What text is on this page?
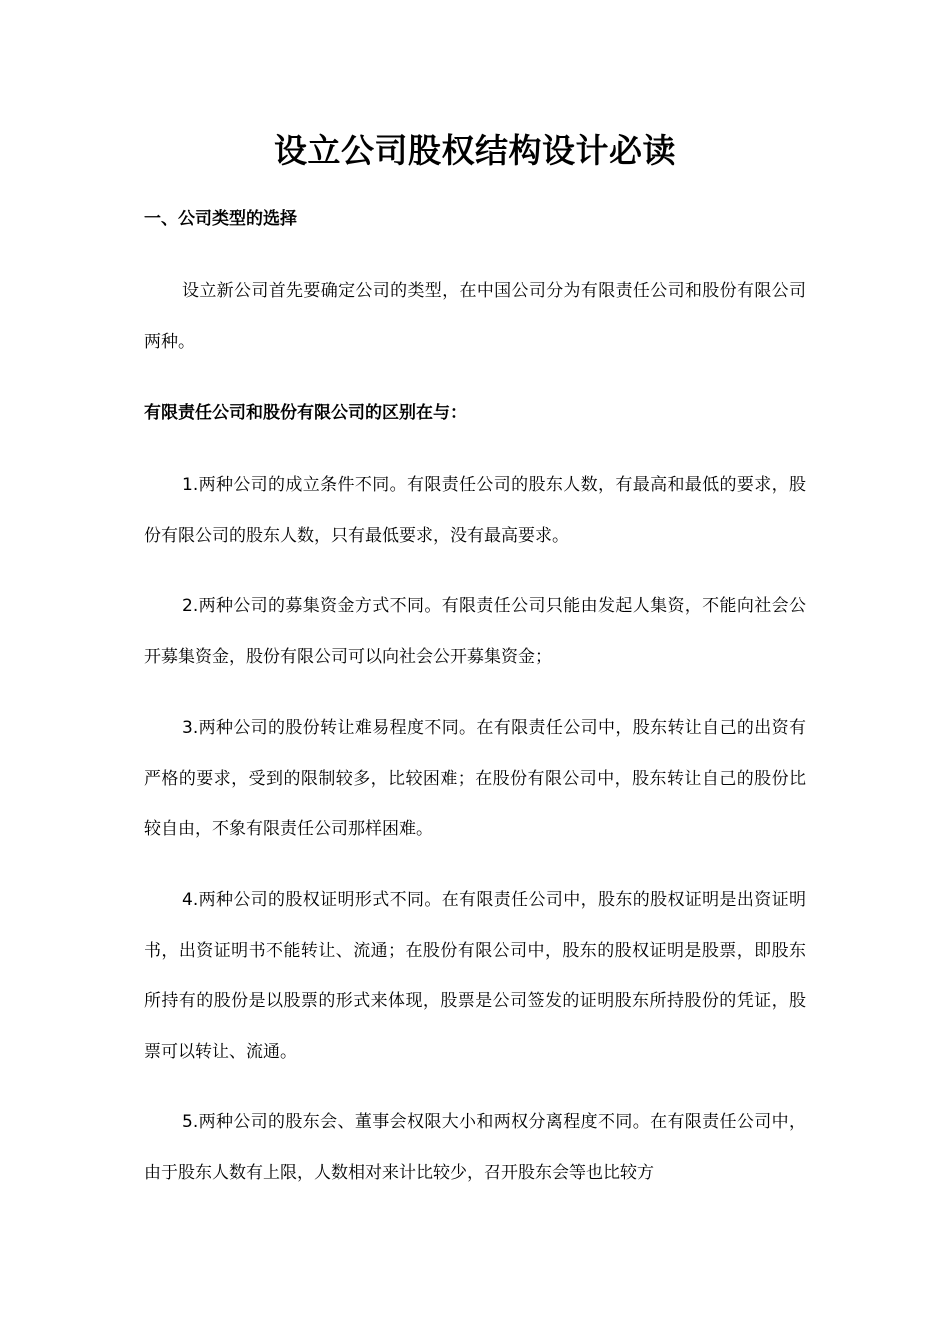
设立公司股权结构设计必读
一、公司类型的选择

设立新公司首先要确定公司的类型，在中国公司分为有限责任公司和股份有限公司两种。

有限责任公司和股份有限公司的区别在与：

1.两种公司的成立条件不同。有限责任公司的股东人数，有最高和最低的要求，股份有限公司的股东人数，只有最低要求，没有最高要求。

2.两种公司的募集资金方式不同。有限责任公司只能由发起人集资，不能向社会公开募集资金，股份有限公司可以向社会公开募集资金；

3.两种公司的股份转让难易程度不同。在有限责任公司中，股东转让自己的出资有严格的要求，受到的限制较多，比较困难；在股份有限公司中，股东转让自己的股份比较自由，不象有限责任公司那样困难。

4.两种公司的股权证明形式不同。在有限责任公司中，股东的股权证明是出资证明书，出资证明书不能转让、流通；在股份有限公司中，股东的股权证明是股票，即股东所持有的股份是以股票的形式来体现，股票是公司签发的证明股东所持股份的凭证，股票可以转让、流通。

5.两种公司的股东会、董事会权限大小和两权分离程度不同。在有限责任公司中，由于股东人数有上限，人数相对来计比较少，召开股东会等也比较方
